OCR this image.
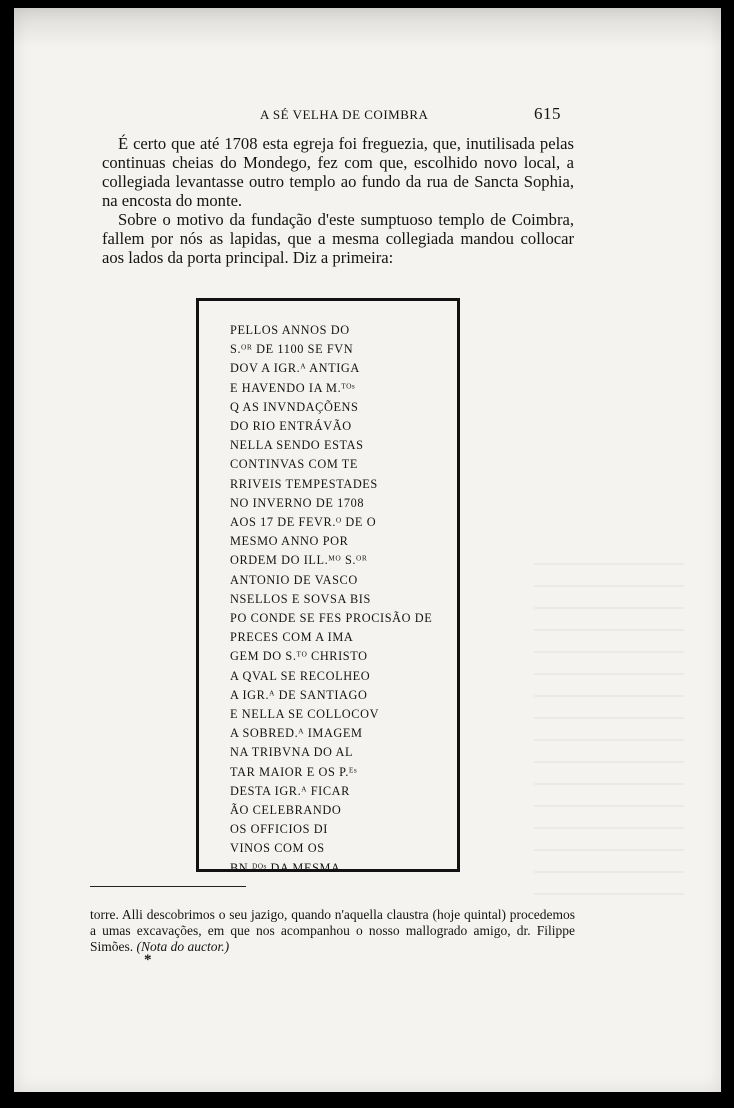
A SÉ VELHA DE COIMBRA	615

É certo que até 1708 esta egreja foi freguezia, que, inutilisada pelas continuas cheias do Mondego, fez com que, escolhido novo local, a collegiada levantasse outro templo ao fundo da rua de Sancta Sophia, na encosta do monte.

Sobre o motivo da fundação d'este sumptuoso templo de Coimbra, fallem por nós as lapidas, que a mesma collegiada mandou collocar aos lados da porta principal. Diz a primeira:

PELLOS ANNOS DO
S.ᴼᴿ DE 1100 SE FVN
DOV A IGR.ᴬ ANTIGA
E HAVENDO IA M.ᵀᴼˢ
Q AS INVNDAÇÕENS
DO RIO ENTRÁVÃO
NELLA SENDO ESTAS
CONTINVAS COM TE
RRIVEIS TEMPESTADES
NO INVERNO DE 1708
AOS 17 DE FEVR.ᴼ DE O
MESMO ANNO POR
ORDEM DO ILL.ᴹᴼ S.ᴼᴿ
ANTONIO DE VASCO
NSELLOS E SOVSA BIS
PO CONDE SE FES PROCISÃO DE
PRECES COM A IMA
GEM DO S.ᵀᴼ CHRISTO
A QVAL SE RECOLHEO
A IGR.ᴬ DE SANTIAGO
E NELLA SE COLLOCOV
A SOBRED.ᴬ IMAGEM
NA TRIBVNA DO AL
TAR MAIOR E OS P.ᴱˢ
DESTA IGR.ᴬ FICAR
ÃO CELEBRANDO
OS OFFICIOS DI
VINOS COM OS
BN.ᴰᴼˢ DA MESMA

torre. Alli descobrimos o seu jazigo, quando n'aquella claustra (hoje quintal) procedemos a umas excavações, em que nos acompanhou o nosso mallogrado amigo, dr. Filippe Simões. (Nota do auctor.)

*
